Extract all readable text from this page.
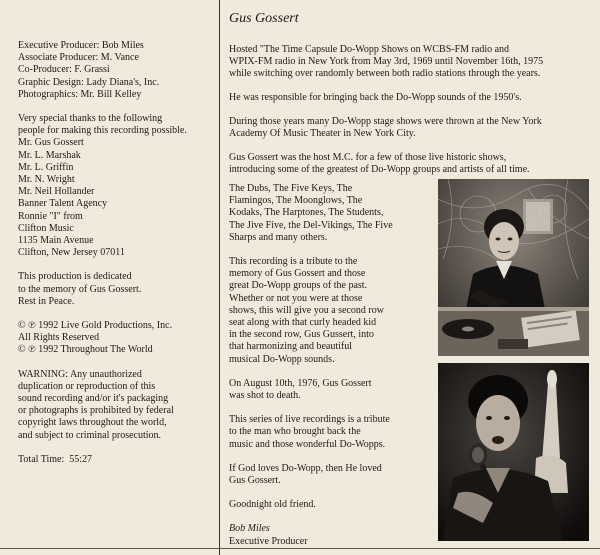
Executive Producer: Bob Miles
Associate Producer: M. Vance
Co-Producer: F. Grassi
Graphic Design: Lady Diana's, Inc.
Photographics: Mr. Bill Kelley
Very special thanks to the following
people for making this recording possible.
Mr. Gus Gossert
Mr. L. Marshak
Mr. L. Griffin
Mr. N. Wright
Mr. Neil Hollander
Banner Talent Agency
Ronnie "I" from
Clifton Music
1135 Main Avenue
Clifton, New Jersey 07011
This production is dedicated
to the memory of Gus Gossert.
Rest in Peace.
© ℗ 1992 Live Gold Productions, Inc.
All Rights Reserved
© ℗ 1992 Throughout The World
WARNING: Any unauthorized
duplication or reproduction of this
sound recording and/or it's packaging
or photographs is prohibited by federal
copyright laws throughout the world,
and subject to criminal prosecution.
Total Time: 55:27
Gus Gossert
Hosted "The Time Capsule Do-Wopp Shows on WCBS-FM radio and
WPIX-FM radio in New York from May 3rd, 1969 until November 16th, 1975
while switching over randomly between both radio stations through the years.
He was responsible for bringing back the Do-Wopp sounds of the 1950's.
During those years many Do-Wopp stage shows were thrown at the New York
Academy Of Music Theater in New York City.
Gus Gossert was the host M.C. for a few of those live historic shows,
introducing some of the greatest of Do-Wopp groups and artists of all time.
The Dubs, The Five Keys, The
Flamingos, The Moonglows, The
Kodaks, The Harptones, The Students,
The Jive Five, the Del-Vikings, The Five
Sharps and many others.
This recording is a tribute to the
memory of Gus Gossert and those
great Do-Wopp groups of the past.
Whether or not you were at those
shows, this will give you a second row
seat along with that curly headed kid
in the second row, Gus Gussert, into
that harmonizing and beautiful
musical Do-Wopp sounds.
On August 10th, 1976, Gus Gossert
was shot to death.
This series of live recordings is a tribute
to the man who brought back the
music and those wonderful Do-Wopps.
If God loves Do-Wopp, then He loved
Gus Gossert.
Goodnight old friend.
Bob Miles
Executive Producer
